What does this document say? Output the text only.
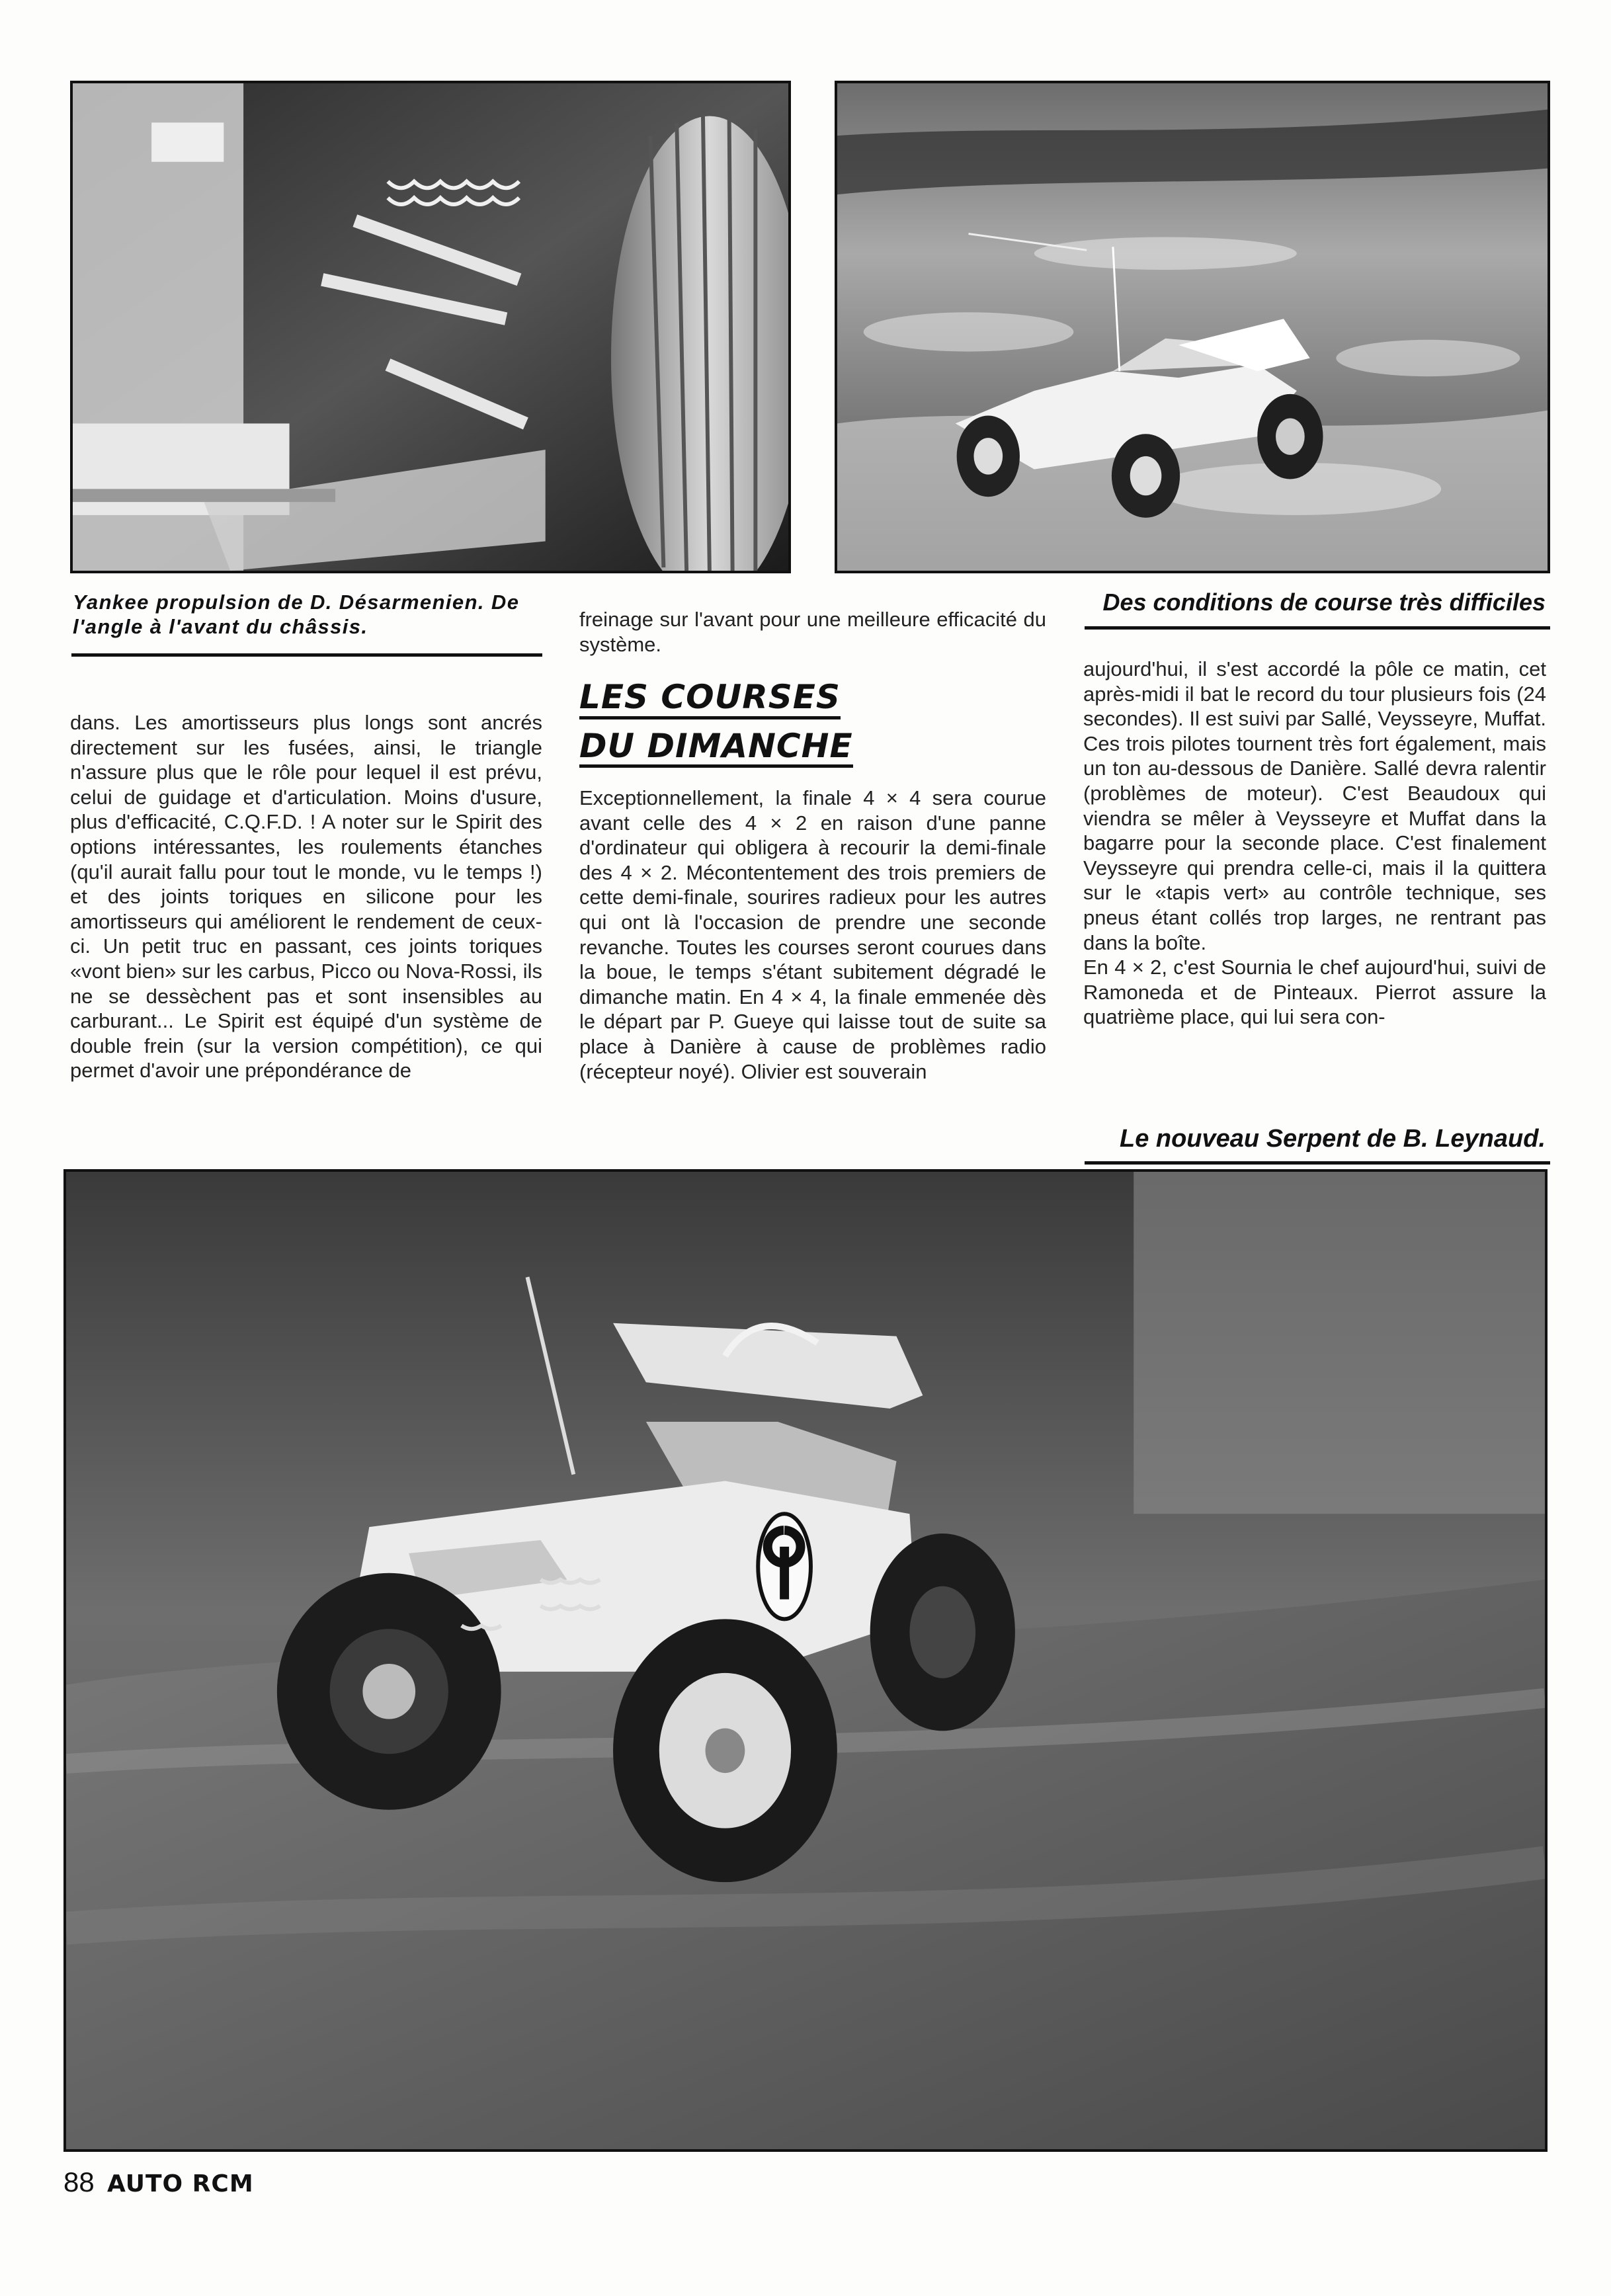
Yankee propulsion de D. Désarmenien. De
l'angle à l'avant du châssis.
Des conditions de course très difficiles

dans. Les amortisseurs plus longs sont ancrés directement sur les fusées, ainsi, le triangle n'assure plus que le rôle pour lequel il est prévu, celui de guidage et d'articulation. Moins d'usure, plus d'efficacité, C.Q.F.D. ! A noter sur le Spirit des options intéressantes, les roulements étanches (qu'il aurait fallu pour tout le monde, vu le temps !) et des joints toriques en silicone pour les amortisseurs qui améliorent le rendement de ceux-ci. Un petit truc en passant, ces joints toriques «vont bien» sur les carbus, Picco ou Nova-Rossi, ils ne se dessèchent pas et sont insensibles au carburant... Le Spirit est équipé d'un système de double frein (sur la version compétition), ce qui permet d'avoir une prépondérance de

freinage sur l'avant pour une meilleure efficacité du système.

LES COURSES
DU DIMANCHE

Exceptionnellement, la finale 4 × 4 sera courue avant celle des 4 × 2 en raison d'une panne d'ordinateur qui obligera à recourir la demi-finale des 4 × 2. Mécontentement des trois premiers de cette demi-finale, sourires radieux pour les autres qui ont là l'occasion de prendre une seconde revanche. Toutes les courses seront courues dans la boue, le temps s'étant subitement dégradé le dimanche matin. En 4 × 4, la finale emmenée dès le départ par P. Gueye qui laisse tout de suite sa place à Danière à cause de problèmes radio (récepteur noyé). Olivier est souverain

aujourd'hui, il s'est accordé la pôle ce matin, cet après-midi il bat le record du tour plusieurs fois (24 secondes). Il est suivi par Sallé, Veysseyre, Muffat. Ces trois pilotes tournent très fort également, mais un ton au-dessous de Danière. Sallé devra ralentir (problèmes de moteur). C'est Beaudoux qui viendra se mêler à Veysseyre et Muffat dans la bagarre pour la seconde place. C'est finalement Veysseyre qui prendra celle-ci, mais il la quittera sur le «tapis vert» au contrôle technique, ses pneus étant collés trop larges, ne rentrant pas dans la boîte.

En 4 × 2, c'est Sournia le chef aujourd'hui, suivi de Ramoneda et de Pinteaux. Pierrot assure la quatrième place, qui lui sera con-

Le nouveau Serpent de B. Leynaud.
88 AUTO RCM
